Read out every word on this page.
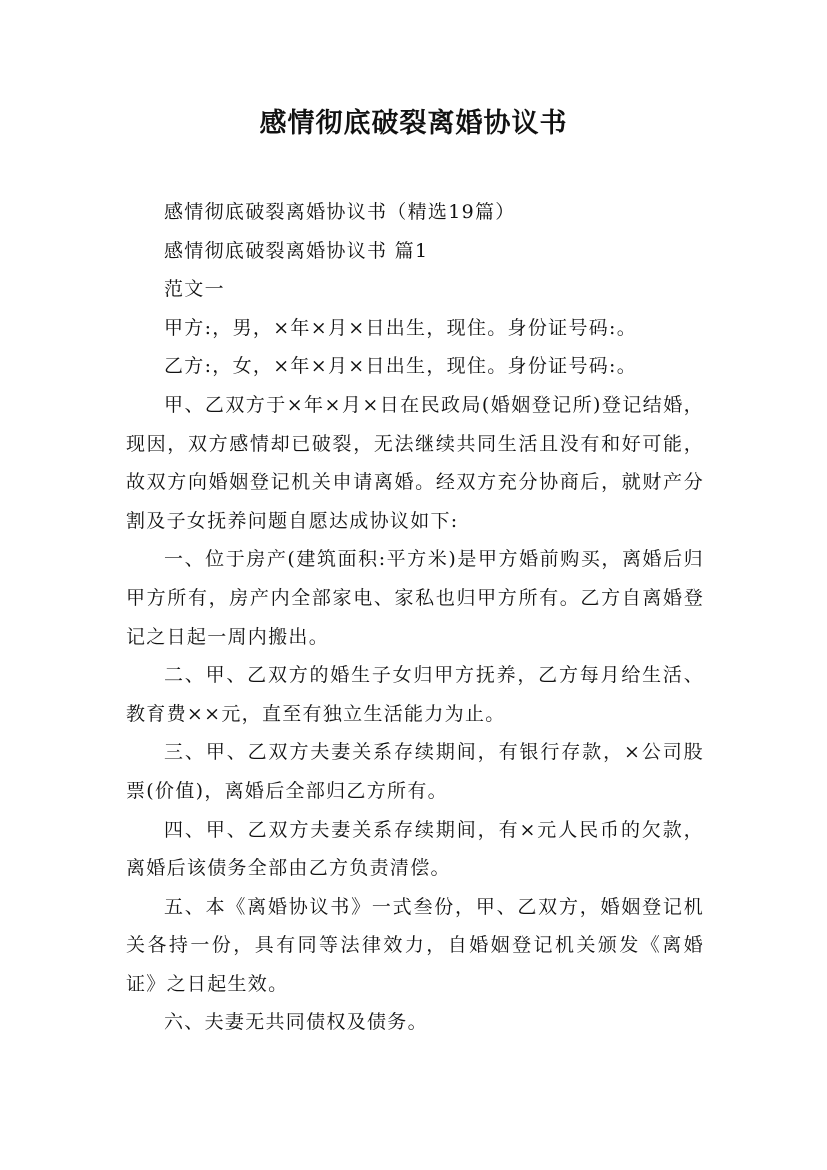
感情彻底破裂离婚协议书

感情彻底破裂离婚协议书（精选19篇）

感情彻底破裂离婚协议书 篇1

范文一

甲方:，男，×年×月×日出生，现住。身份证号码:。

乙方:，女，×年×月×日出生，现住。身份证号码:。

甲、乙双方于×年×月×日在民政局(婚姻登记所)登记结婚，现因，双方感情却已破裂，无法继续共同生活且没有和好可能，故双方向婚姻登记机关申请离婚。经双方充分协商后，就财产分割及子女抚养问题自愿达成协议如下:

一、位于房产(建筑面积:平方米)是甲方婚前购买，离婚后归甲方所有，房产内全部家电、家私也归甲方所有。乙方自离婚登记之日起一周内搬出。

二、甲、乙双方的婚生子女归甲方抚养，乙方每月给生活、教育费××元，直至有独立生活能力为止。

三、甲、乙双方夫妻关系存续期间，有银行存款，×公司股票(价值)，离婚后全部归乙方所有。

四、甲、乙双方夫妻关系存续期间，有×元人民币的欠款，离婚后该债务全部由乙方负责清偿。

五、本《离婚协议书》一式叁份，甲、乙双方，婚姻登记机关各持一份，具有同等法律效力，自婚姻登记机关颁发《离婚证》之日起生效。

六、夫妻无共同债权及债务。
